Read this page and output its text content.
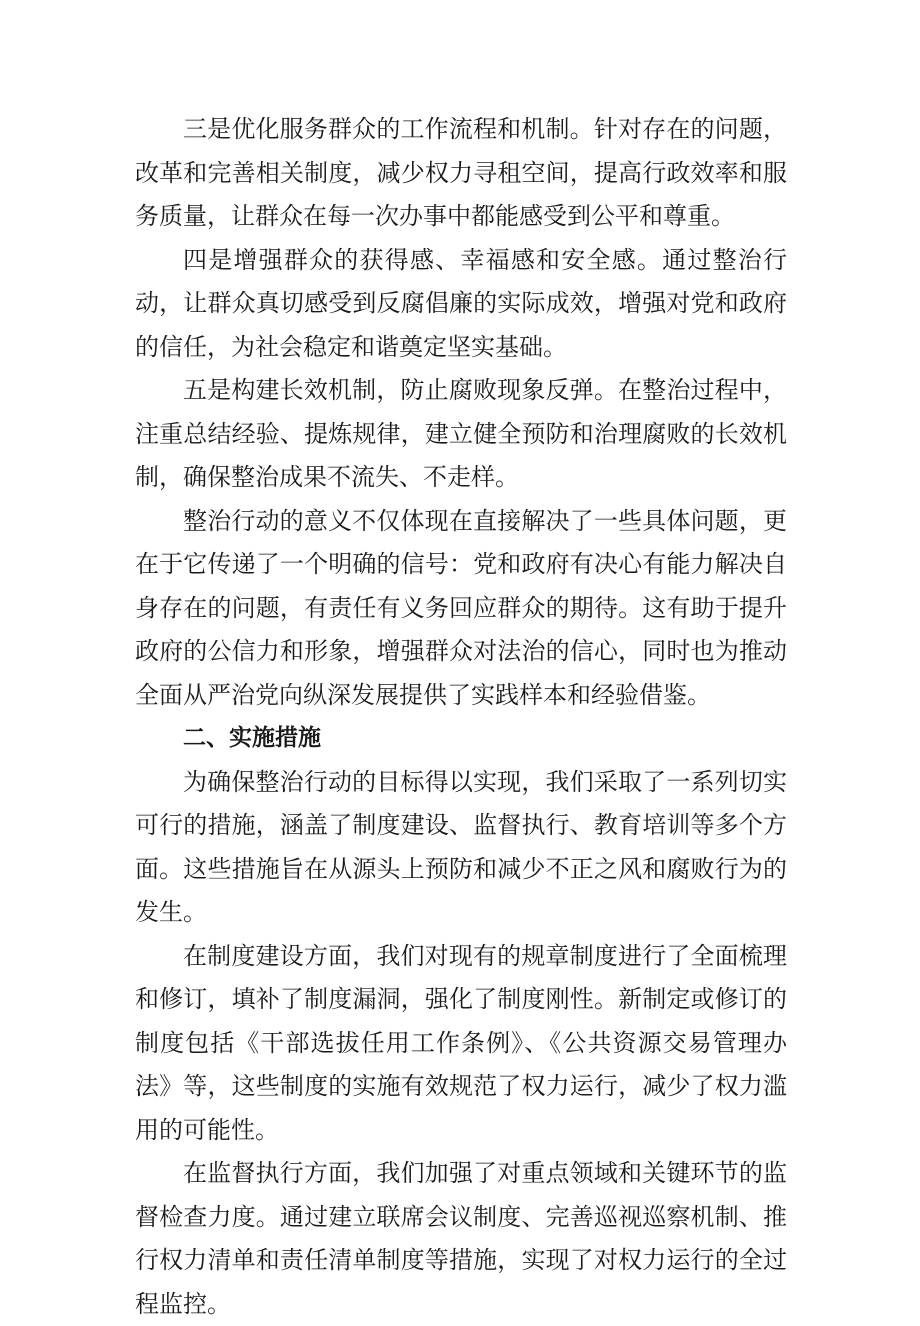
三是优化服务群众的工作流程和机制。针对存在的问题，改革和完善相关制度，减少权力寻租空间，提高行政效率和服务质量，让群众在每一次办事中都能感受到公平和尊重。

四是增强群众的获得感、幸福感和安全感。通过整治行动，让群众真切感受到反腐倡廉的实际成效，增强对党和政府的信任，为社会稳定和谐奠定坚实基础。

五是构建长效机制，防止腐败现象反弹。在整治过程中，注重总结经验、提炼规律，建立健全预防和治理腐败的长效机制，确保整治成果不流失、不走样。

整治行动的意义不仅体现在直接解决了一些具体问题，更在于它传递了一个明确的信号：党和政府有决心有能力解决自身存在的问题，有责任有义务回应群众的期待。这有助于提升政府的公信力和形象，增强群众对法治的信心，同时也为推动全面从严治党向纵深发展提供了实践样本和经验借鉴。

二、实施措施

为确保整治行动的目标得以实现，我们采取了一系列切实可行的措施，涵盖了制度建设、监督执行、教育培训等多个方面。这些措施旨在从源头上预防和减少不正之风和腐败行为的发生。

在制度建设方面，我们对现有的规章制度进行了全面梳理和修订，填补了制度漏洞，强化了制度刚性。新制定或修订的制度包括《干部选拔任用工作条例》、《公共资源交易管理办法》等，这些制度的实施有效规范了权力运行，减少了权力滥用的可能性。

在监督执行方面，我们加强了对重点领域和关键环节的监督检查力度。通过建立联席会议制度、完善巡视巡察机制、推行权力清单和责任清单制度等措施，实现了对权力运行的全过程监控。
